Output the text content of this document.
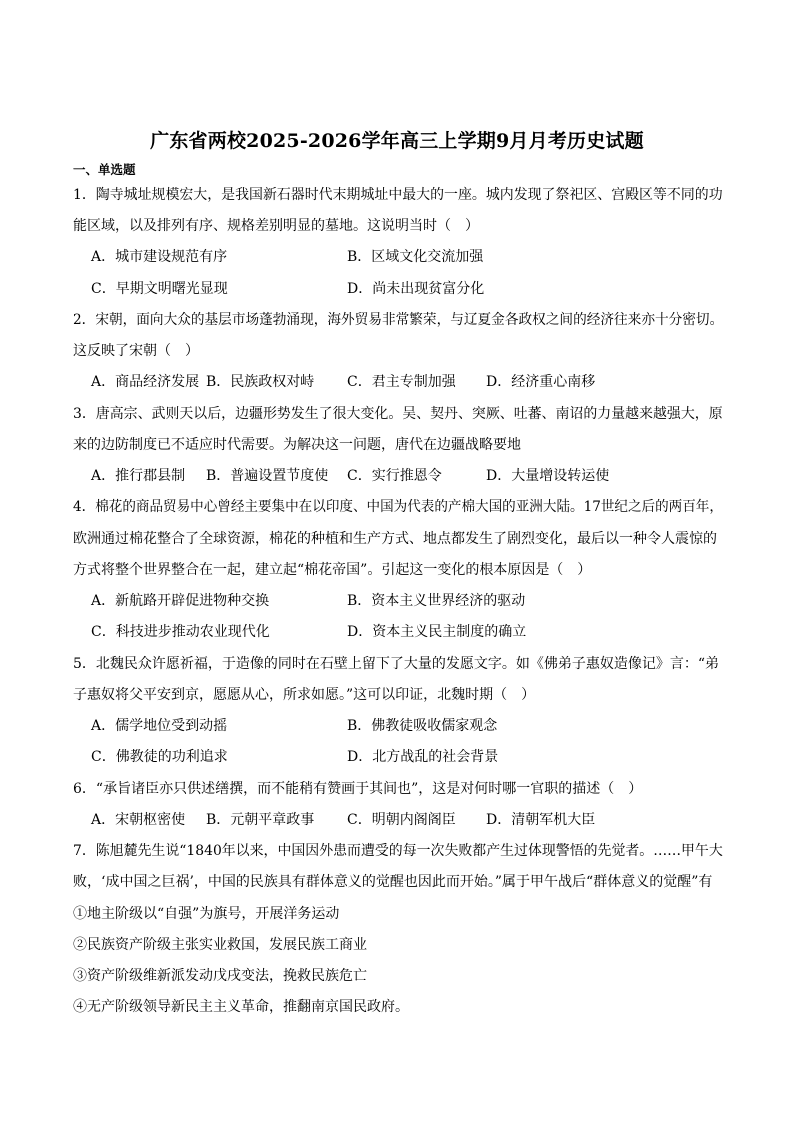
广东省两校2025-2026学年高三上学期9月月考历史试题
一、单选题
1．陶寺城址规模宏大，是我国新石器时代末期城址中最大的一座。城内发现了祭祀区、宫殿区等不同的功
能区域，以及排列有序、规格差别明显的墓地。这说明当时（　）
A．城市建设规范有序	B．区域文化交流加强
C．早期文明曙光显现	D．尚未出现贫富分化
2．宋朝，面向大众的基层市场蓬勃涌现，海外贸易非常繁荣，与辽夏金各政权之间的经济往来亦十分密切。
这反映了宋朝（　）
A．商品经济发展 B．民族政权对峙 C．君主专制加强 D．经济重心南移
3．唐高宗、武则天以后，边疆形势发生了很大变化。吴、契丹、突厥、吐蕃、南诏的力量越来越强大，原
来的边防制度已不适应时代需要。为解决这一问题，唐代在边疆战略要地
A．推行郡县制 B．普遍设置节度使 C．实行推恩令	D．大量增设转运使
4．棉花的商品贸易中心曾经主要集中在以印度、中国为代表的产棉大国的亚洲大陆。17世纪之后的两百年，
欧洲通过棉花整合了全球资源，棉花的种植和生产方式、地点都发生了剧烈变化，最后以一种令人震惊的
方式将整个世界整合在一起，建立起“棉花帝国”。引起这一变化的根本原因是（　）
A．新航路开辟促进物种交换	B．资本主义世界经济的驱动
C．科技进步推动农业现代化	D．资本主义民主制度的确立
5．北魏民众许愿祈福，于造像的同时在石壁上留下了大量的发愿文字。如《佛弟子惠奴造像记》言：“弟
子惠奴将父平安到京，愿愿从心，所求如愿。”这可以印证，北魏时期（　）
A．儒学地位受到动摇	B．佛教徒吸收儒家观念
C．佛教徒的功利追求	D．北方战乱的社会背景
6．“承旨诸臣亦只供述缮撰，而不能稍有赞画于其间也”，这是对何时哪一官职的描述（　）
A．宋朝枢密使 B．元朝平章政事 C．明朝内阁阁臣 D．清朝军机大臣
7．陈旭麓先生说“1840年以来，中国因外患而遭受的每一次失败都产生过体现警悟的先觉者。……甲午大
败，‘成中国之巨祸’，中国的民族具有群体意义的觉醒也因此而开始。”属于甲午战后“群体意义的觉醒”有
①地主阶级以“自强”为旗号，开展洋务运动
②民族资产阶级主张实业救国，发展民族工商业
③资产阶级维新派发动戊戌变法，挽救民族危亡
④无产阶级领导新民主主义革命，推翻南京国民政府。
